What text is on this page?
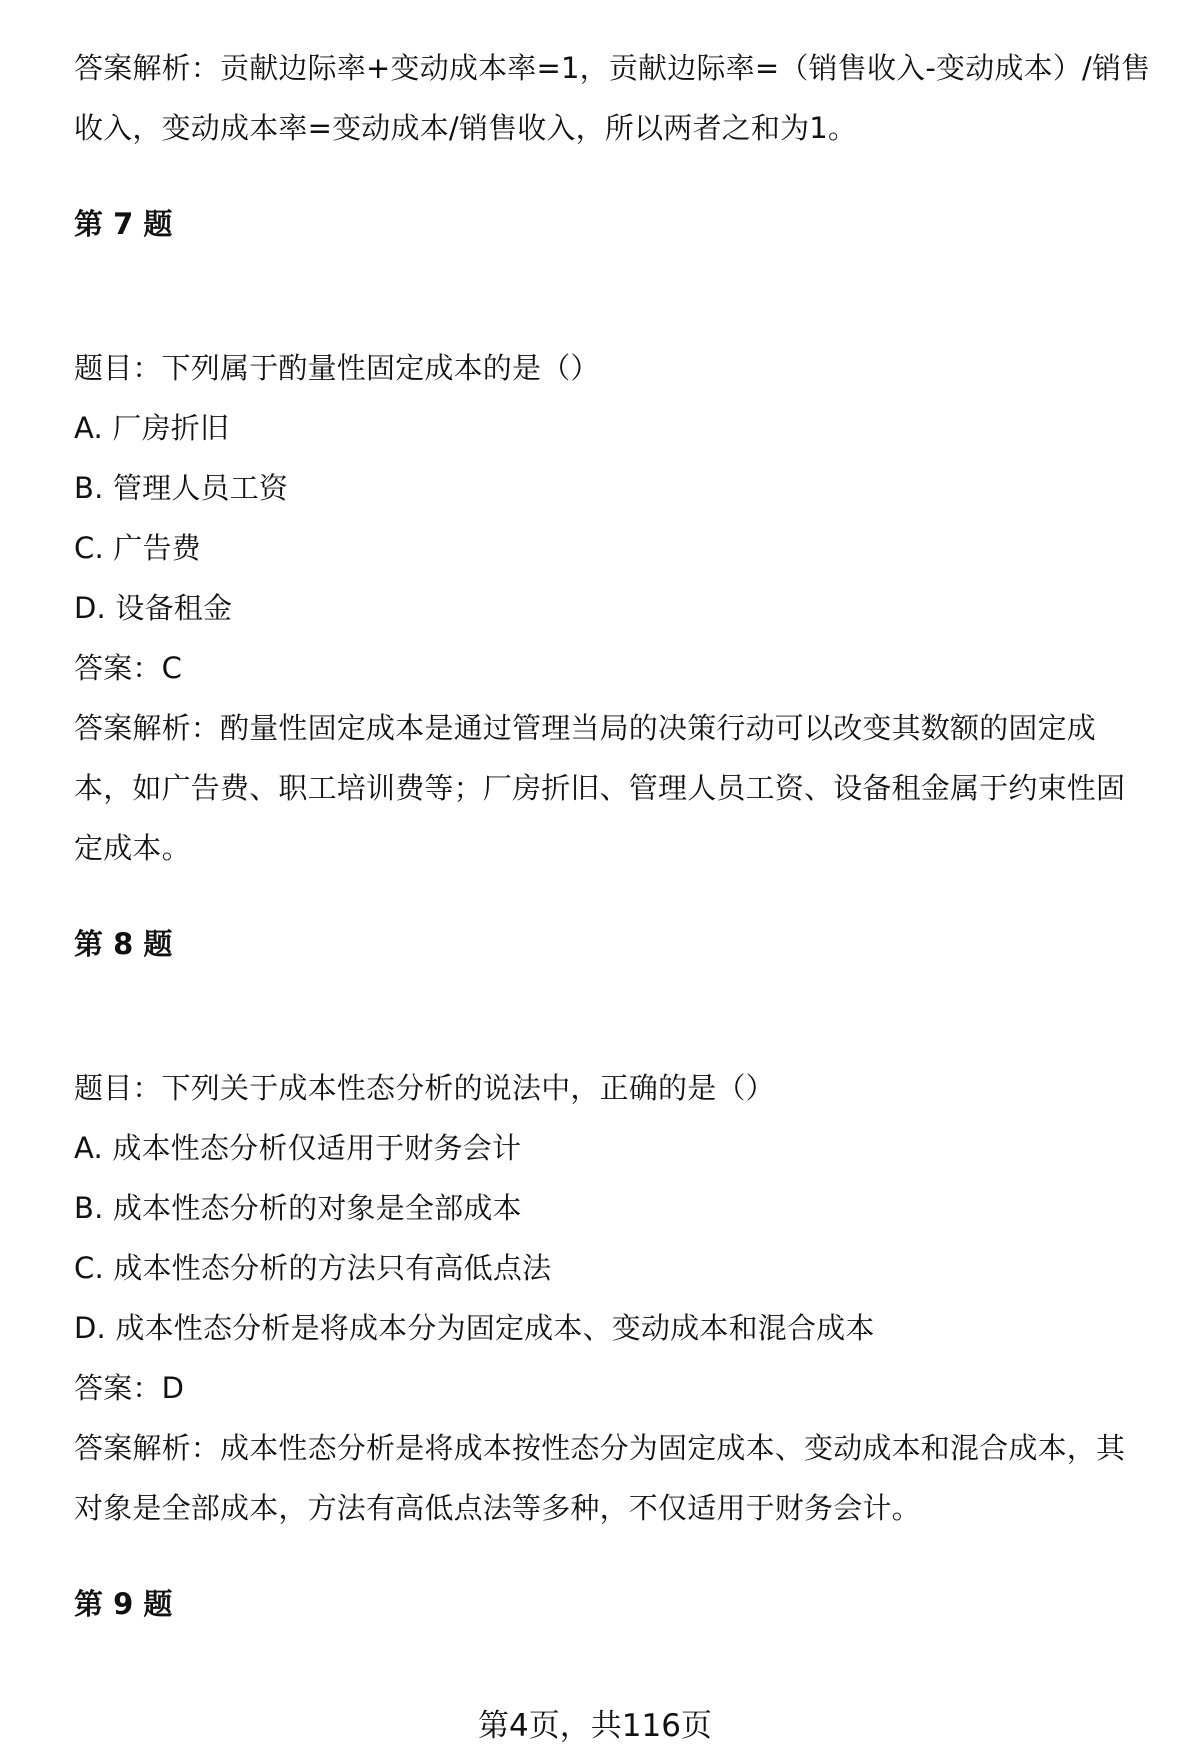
答案解析：贡献边际率+变动成本率=1，贡献边际率=（销售收入-变动成本）/销售
收入，变动成本率=变动成本/销售收入，所以两者之和为1。
第 7 题
题目：下列属于酌量性固定成本的是（）
A. 厂房折旧
B. 管理人员工资
C. 广告费
D. 设备租金
答案：C
答案解析：酌量性固定成本是通过管理当局的决策行动可以改变其数额的固定成
本，如广告费、职工培训费等；厂房折旧、管理人员工资、设备租金属于约束性固
定成本。
第 8 题
题目：下列关于成本性态分析的说法中，正确的是（）
A. 成本性态分析仅适用于财务会计
B. 成本性态分析的对象是全部成本
C. 成本性态分析的方法只有高低点法
D. 成本性态分析是将成本分为固定成本、变动成本和混合成本
答案：D
答案解析：成本性态分析是将成本按性态分为固定成本、变动成本和混合成本，其
对象是全部成本，方法有高低点法等多种，不仅适用于财务会计。
第 9 题
第4页，共116页
